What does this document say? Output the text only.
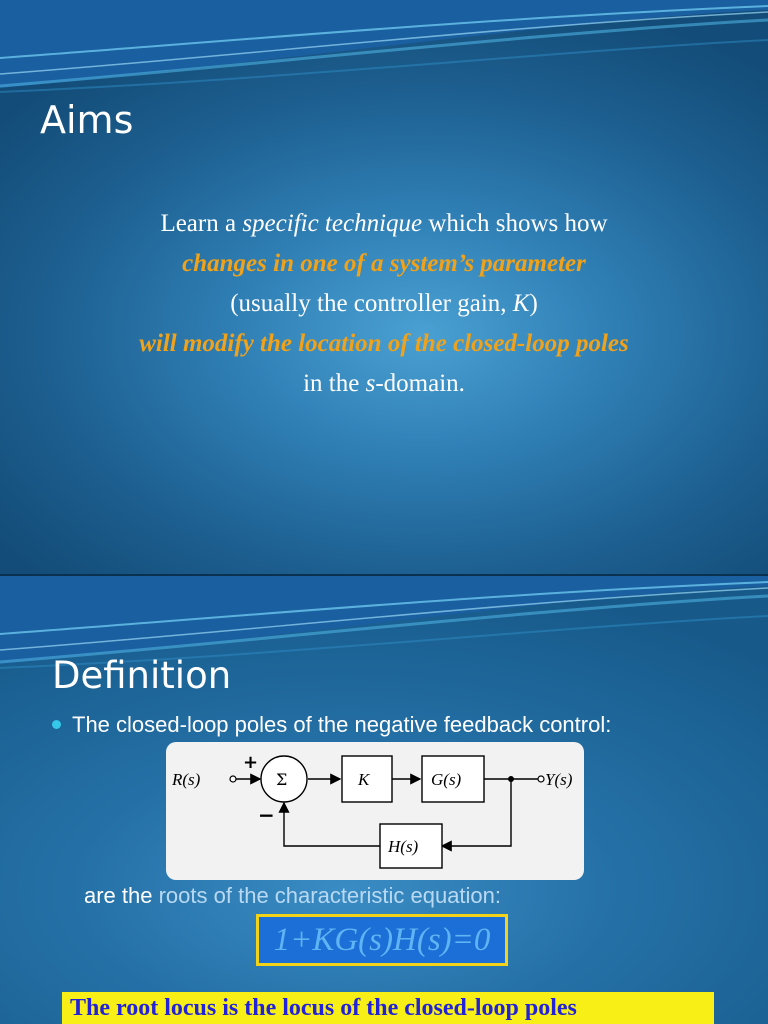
Aims
Learn a specific technique which shows how
changes in one of a system’s parameter
(usually the controller gain, K)
will modify the location of the closed-loop poles
in the s-domain.
Definition
The closed-loop poles of the negative feedback control:
R(s)	K	G(s)
H(s)
Y(s)
Σ
+
−
are the roots of the characteristic equation:
1+KG(s)H(s)=0
The root locus is the locus of the closed-loop poles
